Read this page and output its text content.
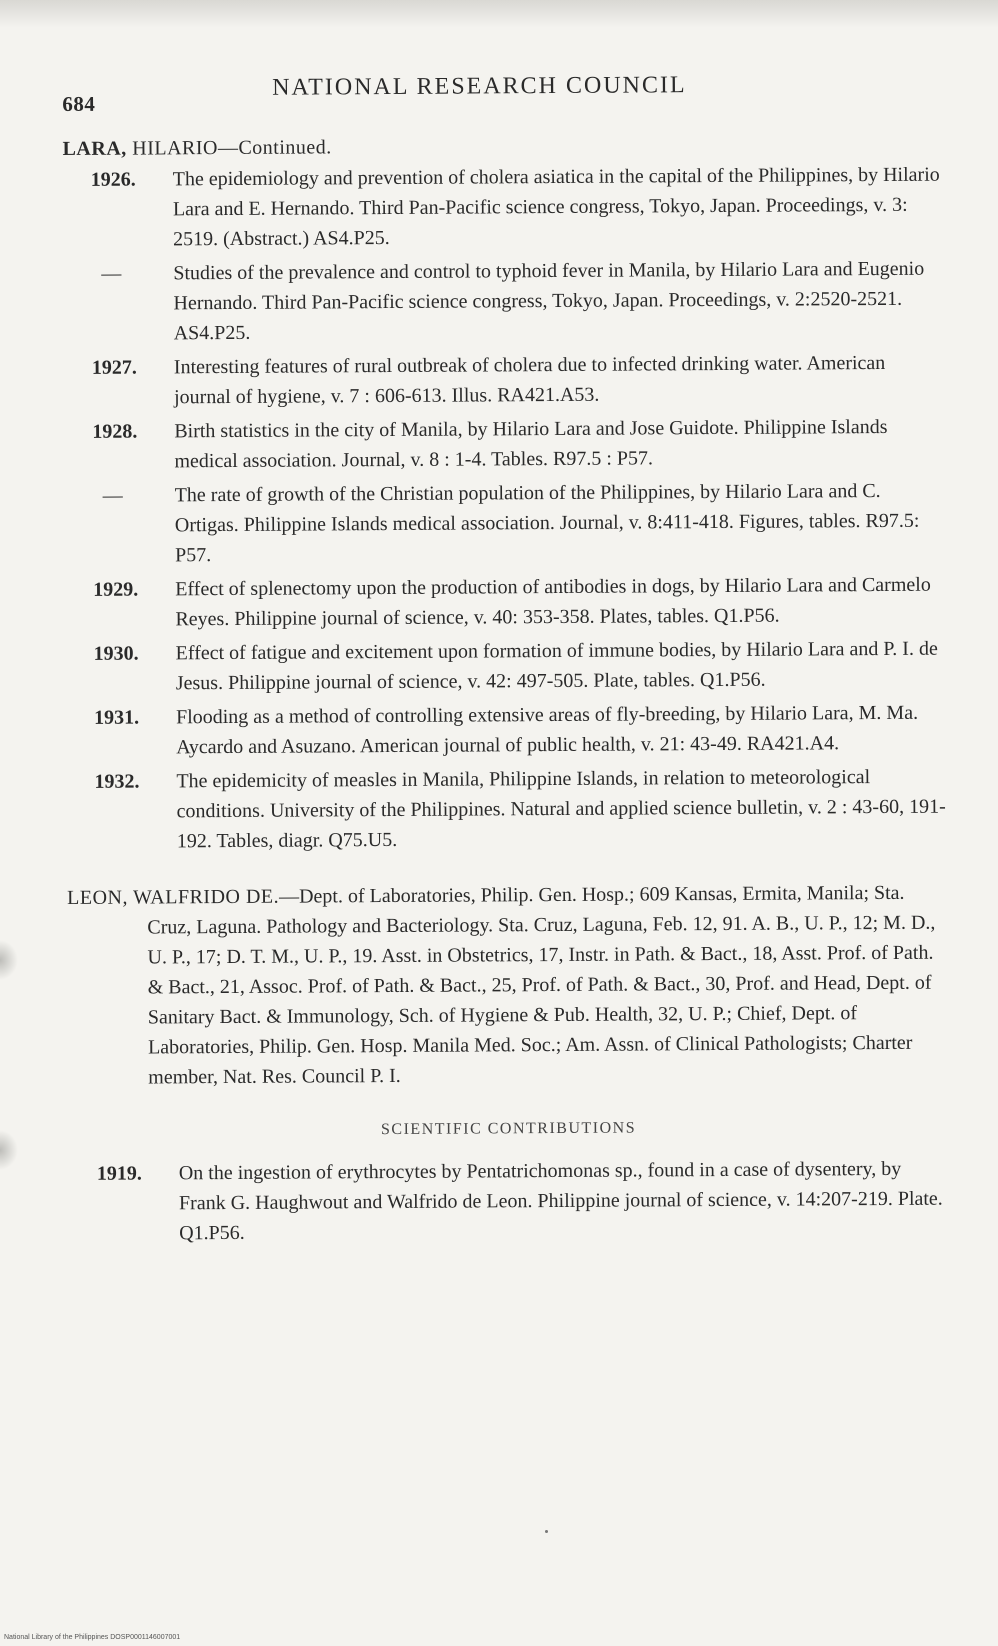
684
NATIONAL RESEARCH COUNCIL
LARA, HILARIO—Continued.
1926. The epidemiology and prevention of cholera asiatica in the capital of the Philippines, by Hilario Lara and E. Hernando. Third Pan-Pacific science congress, Tokyo, Japan. Proceedings, v. 3: 2519. (Abstract.) AS4.P25.
—	Studies of the prevalence and control to typhoid fever in Manila, by Hilario Lara and Eugenio Hernando. Third Pan-Pacific science congress, Tokyo, Japan. Proceedings, v. 2:2520-2521. AS4.P25.
1927. Interesting features of rural outbreak of cholera due to infected drinking water. American journal of hygiene, v. 7 : 606-613. Illus. RA421.A53.
1928. Birth statistics in the city of Manila, by Hilario Lara and Jose Guidote. Philippine Islands medical association. Journal, v. 8 : 1-4. Tables. R97.5 : P57.
—	The rate of growth of the Christian population of the Philippines, by Hilario Lara and C. Ortigas. Philippine Islands medical association. Journal, v. 8:411-418. Figures, tables. R97.5: P57.
1929. Effect of splenectomy upon the production of antibodies in dogs, by Hilario Lara and Carmelo Reyes. Philippine journal of science, v. 40: 353-358. Plates, tables. Q1.P56.
1930. Effect of fatigue and excitement upon formation of immune bodies, by Hilario Lara and P. I. de Jesus. Philippine journal of science, v. 42: 497-505. Plate, tables. Q1.P56.
1931. Flooding as a method of controlling extensive areas of fly-breeding, by Hilario Lara, M. Ma. Aycardo and Asuzano. American journal of public health, v. 21: 43-49. RA421.A4.
1932. The epidemicity of measles in Manila, Philippine Islands, in relation to meteorological conditions. University of the Philippines. Natural and applied science bulletin, v. 2 : 43-60, 191-192. Tables, diagr. Q75.U5.
LEON, WALFRIDO DE.—Dept. of Laboratories, Philip. Gen. Hosp.; 609 Kansas, Ermita, Manila; Sta. Cruz, Laguna. Pathology and Bacteriology. Sta. Cruz, Laguna, Feb. 12, 91. A. B., U. P., 12; M. D., U. P., 17; D. T. M., U. P., 19. Asst. in Obstetrics, 17, Instr. in Path. & Bact., 18, Asst. Prof. of Path. & Bact., 21, Assoc. Prof. of Path. & Bact., 25, Prof. of Path. & Bact., 30, Prof. and Head, Dept. of Sanitary Bact. & Immunology, Sch. of Hygiene & Pub. Health, 32, U. P.; Chief, Dept. of Laboratories, Philip. Gen. Hosp. Manila Med. Soc.; Am. Assn. of Clinical Pathologists; Charter member, Nat. Res. Council P. I.
SCIENTIFIC CONTRIBUTIONS
1919. On the ingestion of erythrocytes by Pentatrichomonas sp., found in a case of dysentery, by Frank G. Haughwout and Walfrido de Leon. Philippine journal of science, v. 14:207-219. Plate. Q1.P56.
National Library of the Philippines DOSP0001146007001
